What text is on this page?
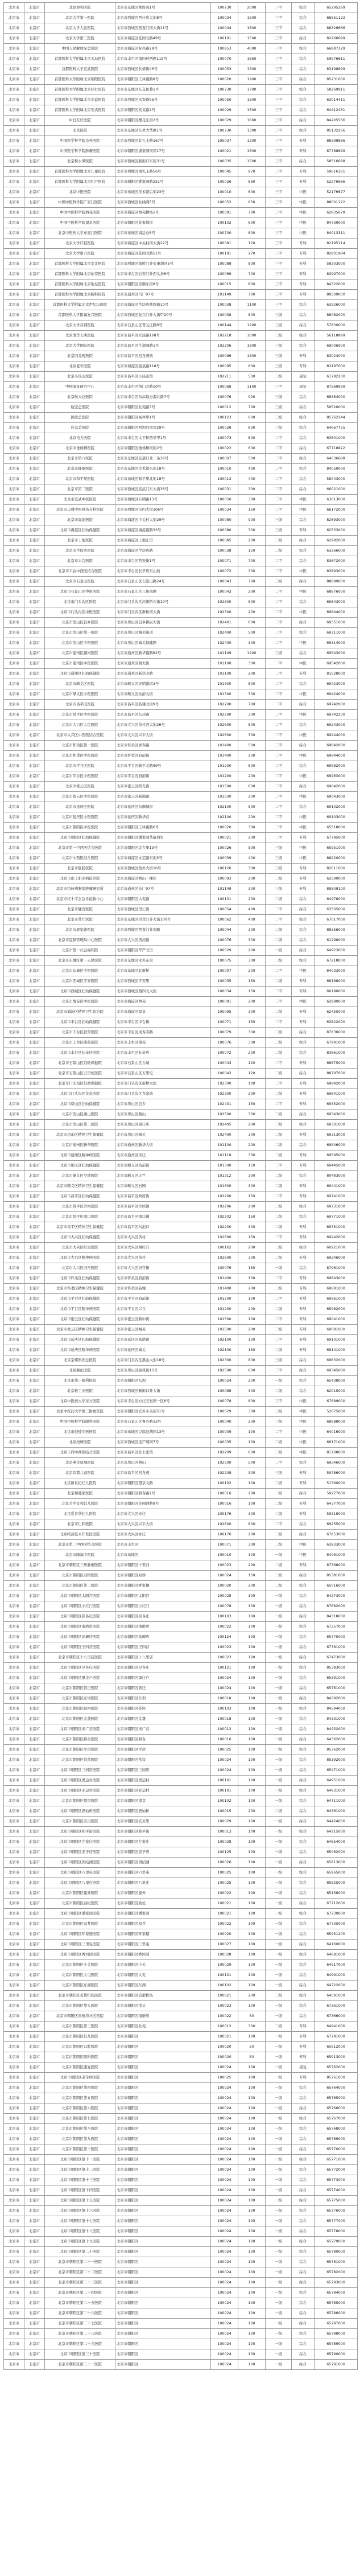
北京市	北京市	北京协和医院	北京市东城区帅府园1号	100730	2000	三甲	综合	65295269
北京市	北京市	北京大学第一医院	北京市西城区西什库大街8号	100034	1500	三甲	综合	66551122
北京市	北京市	北京大学人民医院	北京市西城区西直门南大街11号	100044	1600	三甲	综合	88326666
北京市	北京市	北京大学第三医院	北京市海淀区花园北路49号	100191	1500	三甲	综合	82266699
北京市	北京市	中国人民解放军总医院	北京市海淀区复兴路28号	100853	4000	三甲	综合	66887329
北京市	北京市	首都医科大学附属北京天坛医院	北京市丰台区南四环西路119号	100070	1650	三甲	综合	59976611
北京市	北京市	首都医科大学宣武医院	北京市西城区长椿街45号	100053	1300	三甲	综合	83198899
北京市	北京市	首都医科大学附属北京朝阳医院	北京市朝阳区工体南路8号	100020	1900	三甲	综合	85231000
北京市	北京市	首都医科大学附属北京同仁医院	北京市东城区东交民巷1号	100730	1700	三甲	综合	58269911
北京市	北京市	首都医科大学附属北京友谊医院	北京市西城区永安路95号	100050	1500	三甲	综合	63014411
北京市	北京市	首都医科大学附属北京安贞医院	北京市朝阳区安贞路2号	100029	1500	三甲	综合	64412431
北京市	北京市	中日友好医院	北京市朝阳区樱花东街2号	100029	1600	三甲	综合	84205566
北京市	北京市	北京医院	北京市东城区东单大华路1号	100730	1300	三甲	综合	85132266
北京市	北京市	中国医学科学院阜外医院	北京市西城区北礼士路167号	100037	1200	三甲	专科	88398866
北京市	北京市	中国医学科学院肿瘤医院	北京市朝阳区潘家园南里17号	100021	1500	三甲	专科	87788899
北京市	北京市	北京积水潭医院	北京市西城区新街口东街31号	100035	1500	三甲	综合	58516688
北京市	北京市	首都医科大学附属北京儿童医院	北京市西城区南礼士路56号	100045	970	三甲	专科	59616161
北京市	北京市	首都医科大学附属北京妇产医院	北京市朝阳区姚家园路251号	100026	660	三甲	专科	52276666
北京市	北京市	北京中医医院	北京市东城区美术馆后街23号	100010	600	三甲	中医	52176677
北京市	北京市	中国中医科学院广安门医院	北京市西城区北线阁5号	100053	650	三甲	中医	88001122
北京市	北京市	中国中医科学院西苑医院	北京市海淀区西苑操场1号	100091	700	三甲	中医	62835678
北京市	北京市	中国中医科学院望京医院	北京市朝阳区花家地街	100102	600	三甲	中医	84739000
北京市	北京市	北京中医药大学东直门医院	北京市东城区海运仓5号	100700	800	三甲	中医	84013311
北京市	北京市	北京大学口腔医院	北京市海淀区中关村南大街22号	100081	120	三甲	专科	82195114
北京市	北京市	北京大学第六医院	北京市海淀区花园北路51号	100191	270	三甲	专科	82801984
北京市	北京市	首都医科大学附属北京安定医院	北京市西城区德胜门外安康胡同5号	100088	800	三甲	专科	58303000
北京市	北京市	首都医科大学附属北京佑安医院	北京市丰台区右安门外西头条8号	100069	700	三甲	专科	83997000
北京市	北京市	首都医科大学附属北京地坛医院	北京市朝阳区京顺东街8号	100015	800	三甲	专科	84322000
北京市	北京市	首都医科大学附属北京胸科医院	北京市通州区马厂97号	101149	700	三甲	专科	89509000
北京市	北京市	首都医科大学附属北京世纪坛医院	北京市海淀区羊坊店铁医路10号	100038	1100	三甲	综合	63926000
北京市	北京市	首都医科大学附属复兴医院	北京市西城区复兴门外大街甲20号	100038	800	三级	综合	88062000
北京市	北京市	北京大学首钢医院	北京市石景山区晋元庄路9号	100144	1200	三级	综合	57830000
北京市	北京市	北京清华长庚医院	北京市昌平区立汤路168号	102218	1000	三级	综合	56118899
北京市	北京市	北京大学国际医院	北京市昌平区生命园路1号	102206	1800	三级	综合	69006900
北京市	北京市	北京回龙观医院	北京市昌平区回龙观镇	100096	1300	三级	专科	83024000
北京市	北京市	北京老年医院	北京市海淀区温泉路118号	100095	600	三级	专科	83197000
北京市	北京市	北京小汤山医院	北京市昌平区小汤山镇	102211	500	三级	康复	61782200
北京市	北京市	中国康复研究中心	北京市丰台区角门北路10号	100068	1100	三甲	康复	87569999
北京市	北京市	北京航天总医院	北京市丰台区东高地万源北路7号	100076	900	三级	综合	68384000
北京市	北京市	航空总医院	北京市朝阳区北苑路3号	100012	700	三级	综合	59520000
北京市	北京市	民航总医院	北京市朝阳区高井甲1号	100123	600	三级	综合	85762244
北京市	北京市	应急总医院	北京市朝阳区西坝河南里29号	100028	800	三级	综合	64667755
北京市	北京市	北京电力医院	北京市丰台区太平桥西里甲1号	100073	600	二甲	综合	63501000
北京市	北京市	北京市垂杨柳医院	北京市朝阳区垂杨柳南街2号	100022	600	二甲	综合	67718822
北京市	北京市	北京市第六医院	北京市东城区交道口北二条36号	100007	500	二甲	综合	64036688
北京市	北京市	北京市隆福医院	北京市东城区美术馆东街18号	100010	400	二甲	综合	84059000
北京市	北京市	北京市和平里医院	北京市东城区和平里北街18号	100013	400	二甲	综合	58043000
北京市	北京市	北京市第二医院	北京市西城区宣武门东大街36号	100031	300	二甲	综合	66021000
北京市	北京市	北京市宣武中医医院	北京市西城区万明路13号	100050	300	二甲	中医	63013000
北京市	北京市	北京市丰盛中医骨伤专科医院	北京市西城区阜内大街306号	100034	150	二甲	中医	66172000
北京市	北京市	北京市海淀医院	北京市海淀区中关村大街29号	100080	900	三级	综合	82693000
北京市	北京市	北京市海淀区妇幼保健院	北京市海淀区海淀南路33号	100080	300	三级	专科	62533000
北京市	北京市	北京市上地医院	北京市海淀区上地东里	100085	200	二级	综合	62982000
北京市	北京市	北京市羊坊店医院	北京市海淀区羊坊店路	100038	150	二级	综合	63266000
北京市	北京市	北京市丰台医院	北京市丰台区西安街1号	100071	700	二甲	综合	83672000
北京市	北京市	北京市丰台中西医结合医院	北京市丰台区长辛店东山坡	100072	300	二甲	中医	83893000
北京市	北京市	北京市石景山医院	北京市石景山区石景山路24号	100043	700	三级	综合	88689000
北京市	北京市	北京市石景山区中医医院	北京市石景山区八角南路	100043	200	二甲	中医	68876000
北京市	北京市	北京市门头沟区医院	北京市门头沟区河滩桥东街10号	102300	500	二甲	综合	69843000
北京市	北京市	北京市门头沟区中医医院	北京市门头沟区新桥南大街	102300	200	二甲	中医	69844000
北京市	北京市	北京市房山区良乡医院	北京市房山区良乡拱辰大街	102401	600	二甲	综合	69351000
北京市	北京市	北京市房山区第一医院	北京市房山区城关街道	102400	500	二甲	综合	69311000
北京市	北京市	北京市房山区中医医院	北京市房山区城关保健路	102400	300	二甲	中医	69314000
北京市	北京市	北京市通州区潞河医院	北京市通州区新华南路82号	101149	1200	三级	综合	69543000
北京市	北京市	北京市通州区中医医院	北京市通州区西大街	101100	300	二甲	中医	69542000
北京市	北京市	北京市通州区妇幼保健院	北京市通州区新华北路	101100	200	二甲	专科	81528000
北京市	北京市	北京市顺义区医院	北京市顺义区光明南街3号	101300	800	二甲	综合	69423000
北京市	北京市	北京市顺义区中医医院	北京市顺义区站前北街	101300	300	二甲	中医	69424000
北京市	北京市	北京市昌平区医院	北京市昌平区鼓楼北街9号	102200	700	二甲	综合	69742000
北京市	北京市	北京市昌平区中医医院	北京市昌平区东环路	102200	300	二甲	中医	69742200
北京市	北京市	北京市大兴区人民医院	北京市大兴区黄村西大街26号	102600	800	二甲	综合	69243000
北京市	北京市	北京市大兴区中西医结合医院	北京市大兴区兴丰大街	102600	300	二甲	中医	69244000
北京市	北京市	北京市怀柔区第一医院	北京市怀柔区青春路	101400	500	二甲	综合	69642000
北京市	北京市	北京市怀柔区中医医院	北京市怀柔区府前街	101400	200	二甲	中医	69644000
北京市	北京市	北京市平谷区医院	北京市平谷区新平北路59号	101200	600	二甲	综合	69962000
北京市	北京市	北京市平谷区中医医院	北京市平谷区府前街	101200	200	二甲	中医	69963000
北京市	北京市	北京市密云区医院	北京市密云区阳光街	101500	600	二甲	综合	69042000
北京市	北京市	北京市密云区中医医院	北京市密云区新南路	101500	200	二甲	中医	69043000
北京市	北京市	北京市延庆区医院	北京市延庆区东顺城街	102100	500	二甲	综合	69102000
北京市	北京市	北京市延庆区中医医院	北京市延庆区新华营	102100	200	二甲	中医	69103000
北京市	北京市	北京市朝阳区中医医院	北京市朝阳区工体南路6号	100020	300	二甲	中医	65518000
北京市	北京市	北京市朝阳区妇幼保健院	北京市朝阳区潘家园华威西里	100021	200	二甲	专科	67785000
北京市	北京市	北京市第一中西医结合医院	北京市朝阳区金台里13号	100026	500	三级	中医	65951000
北京市	北京市	北京市中西医结合医院	北京市海淀区永定路东街3号	100039	400	三级	中医	88220000
北京市	北京市	北京市肛肠医院	北京市西城区德外大街16号	100120	300	三级	专科	82011000
北京市	北京市	北京市化工职业病防治院	北京市海淀区香山一棵松	100093	200	二级	专科	62590000
北京市	北京市	北京市结核病胸部肿瘤研究所	北京市通州区马厂97号	101149	300	三级	专科	89509100
北京市	北京市	北京市红十字会急诊抢救中心	北京市朝阳区大屯路	100101	200	二级	综合	64978000
北京市	北京市	北京市健宫医院	北京市西城区里仁街	100054	400	二甲	综合	63505000
北京市	北京市	北京市普仁医院	北京市东城区崇文门外大街100号	100062	400	二甲	综合	67017000
北京市	北京市	北京市展览路医院	北京市西城区西直门外南路	100044	300	二级	综合	88356000
北京市	北京市	北京市监狱管理局中心医院	北京市大兴区团河路	100076	300	二级	综合	61298000
北京市	北京市	北京市第一社会福利院	北京市朝阳区华严北里	100029	200	一级	综合	64923000
北京市	北京市	北京市东城区第一人民医院	北京市东城区永外东街	100075	300	二级	综合	67218000
北京市	北京市	北京市东城区中医医院	北京市东城区北新桥	100007	200	二甲	中医	84033000
北京市	北京市	北京市西城区平安医院	北京市西城区平安里	100035	150	二级	专科	66188000
北京市	北京市	北京市西城区妇幼保健院	北京市西城区西四北大街	100034	150	二甲	专科	66180000
北京市	北京市	北京市海淀区中医医院	北京市海淀区西苑	100091	200	二甲	中医	62880000
北京市	北京市	北京市海淀区精神卫生防治院	北京市海淀区温泉	100095	300	二级	专科	62455000
北京市	北京市	北京市丰台区妇幼保健院	北京市丰台区丰台镇	100071	150	二甲	专科	63822000
北京市	北京市	北京市丰台区铁营医院	北京市丰台区成寿寺路	100079	300	二级	综合	87636000
北京市	北京市	北京市丰台区南苑医院	北京市丰台区南苑	100076	300	二级	综合	67991000
北京市	北京市	北京市丰台区长辛店医院	北京市丰台区长辛店	100072	200	二级	综合	83861000
北京市	北京市	北京市石景山区妇幼保健院	北京市石景山区古城	100043	120	二甲	专科	68875000
北京市	北京市	北京市石景山区五里坨医院	北京市石景山区五里坨	100042	120	二级	综合	88797000
北京市	北京市	北京市门头沟区妇幼保健院	北京市门头沟区新桥大街	102300	100	二甲	专科	69842000
北京市	北京市	北京市门头沟区龙泉医院	北京市门头沟区龙泉镇	102300	200	二级	专科	69841000
北京市	北京市	北京市房山区妇幼保健院	北京市房山区良乡	102401	150	二甲	专科	69352000
北京市	北京市	北京市房山区燕山医院	北京市房山区燕山	102500	300	二级	综合	69343000
北京市	北京市	北京市房山区第二医院	北京市房山区周口店	102405	200	二级	综合	69301000
北京市	北京市	北京市房山区精神卫生保健院	北京市房山区城关	102400	300	二级	专科	69313000
北京市	北京市	北京市通州区新华医院	北京市通州区新华大街	101100	200	二级	综合	69546000
北京市	北京市	北京市通州区精神病医院	北京市通州区宋庄	101118	300	二级	专科	69595000
北京市	北京市	北京市顺义区妇幼保健院	北京市顺义区站前街	101300	150	二甲	专科	69445000
北京市	北京市	北京市顺义区空港医院	北京市顺义区天竺	101312	300	二级	综合	80483000
北京市	北京市	北京市顺义区精神卫生保健院	北京市顺义区石园	101300	300	二级	专科	69441000
北京市	北京市	北京市昌平区妇幼保健院	北京市昌平区政府街	102200	150	二甲	专科	69741000
北京市	北京市	北京市昌平区沙河医院	北京市昌平区沙河镇	102206	200	二级	综合	69731000
北京市	北京市	北京市昌平区南口医院	北京市昌平区南口镇	102202	150	二级	综合	69771000
北京市	北京市	北京市昌平区精神卫生保健院	北京市昌平区马池口	102200	300	二级	专科	69751000
北京市	北京市	北京市大兴区妇幼保健院	北京市大兴区黄村	102600	150	二甲	专科	69242000
北京市	北京市	北京市大兴区红星医院	北京市大兴区西红门	100162	200	二级	综合	60221000
北京市	北京市	北京市大兴区精神病医院	北京市大兴区黄村	102600	300	二级	专科	69246000
北京市	北京市	北京市大兴区旧宫医院	北京市大兴区旧宫镇	100076	150	一级	综合	87961000
北京市	北京市	北京市怀柔区妇幼保健院	北京市怀柔区府前街	101400	100	二甲	专科	69643000
北京市	北京市	北京市怀柔区精神卫生保健院	北京市怀柔区庙城	101400	200	二级	专科	69681000
北京市	北京市	北京市平谷区妇幼保健院	北京市平谷区府前街	101200	100	二甲	专科	69961000
北京市	北京市	北京市平谷区精神病医院	北京市平谷区兴谷	101200	200	二级	专科	69982000
北京市	北京市	北京市密云区妇幼保健院	北京市密云区新中街	101500	100	二甲	专科	69041000
北京市	北京市	北京市密云区精神卫生保健院	北京市密云区城关	101500	200	二级	专科	69081000
北京市	北京市	北京市延庆区妇幼保健院	北京市延庆区高塔街	102100	100	二甲	专科	69101000
北京市	北京市	北京市延庆区精神病医院	北京市延庆区城关	102100	150	二级	专科	69141000
北京市	北京市	北京京煤集团总医院	北京市门头沟区黑山大街18号	102300	800	三级	综合	69832000
北京市	北京市	北京燕化医院	北京市房山区迎风街15号	102500	600	二甲	综合	69345000
北京市	北京市	北京市第一福利医院	北京市朝阳区东坝	100024	200	一级	综合	65438000
北京市	北京市	北京核工业医院	北京市西城区新街口外大街	100088	300	二级	综合	62015000
北京市	北京市	北京中医药大学东方医院	北京市丰台区方庄芳星园一区6号	100078	800	三甲	中医	67689000
北京市	北京市	北京中医药大学第三附属医院	北京市朝阳区安外小关街51号	100029	300	三级	中医	52075000
北京市	北京市	中国中医科学院眼科医院	北京市石景山区鲁谷路33号	100040	200	三级	中医	68688000
北京市	北京市	北京市鼓楼中医医院	北京市东城区豆腐池胡同13号	100009	100	二甲	中医	64016000
北京市	北京市	北京按摩医院	北京市西城区宝产胡同7号	100035	100	二级	中医	66171000
北京市	北京市	北京王府中西医结合医院	北京市昌平区北七家镇	102209	600	二级	中医	81708000
北京市	北京市	北京燕化凤凰医院	北京市房山区燕山	102500	500	二甲	综合	69346000
北京市	北京市	北京京都儿童医院	北京市昌平区回龙观	102208	300	三级	专科	59786000
北京市	北京市	北京新世纪妇儿医院	北京市朝阳区望京北路	100102	100	二级	专科	51390000
北京市	北京市	北京和睦家医院	北京市朝阳区将台路2号	100016	200	二级	综合	59277000
北京市	北京市	北京美中宜和妇儿医院	北京市朝阳区芳园西路9号	100016	100	二级	专科	64377000
北京市	北京市	北京爱育华妇儿医院	北京市大兴区亦庄	100176	300	二级	专科	59318000
北京市	北京市	北京市仁和医院	北京市大兴区兴丰大街	102600	600	二甲	综合	69255000
北京市	北京市	北京经济技术开发区医院	北京市大兴区亦庄	100176	200	二级	综合	67853000
北京市	北京市	北京市第二中西医结合医院	北京市丰台区	100071	300	二级	中医	63833000
北京市	北京市	北京市隆福中医院	北京市东城区	100010	100	一级	中医	84061000
北京市	北京市	北京市朝阳区三环肿瘤医院	北京市朝阳区十里河	100023	200	二级	专科	87368000
北京市	北京市	北京市朝阳区双桥医院	北京市朝阳区双桥	100024	150	二级	综合	85381000
北京市	北京市	北京市朝阳区第二医院	北京市朝阳区呼家楼	100020	200	二级	综合	65016000
北京市	北京市	北京市朝阳区太阳宫医院	北京市朝阳区太阳宫	100028	100	一级	综合	84273000
北京市	北京市	北京市朝阳区小红门医院	北京市朝阳区小红门	100078	100	一级	综合	87682000
北京市	北京市	北京市朝阳区崔各庄医院	北京市朝阳区崔各庄	100103	100	一级	综合	84318000
北京市	北京市	北京市朝阳区南磨房医院	北京市朝阳区南磨房	100022	100	一级	综合	67357000
北京市	北京市	北京市朝阳区高碑店医院	北京市朝阳区高碑店	100124	100	一级	综合	85775000
北京市	北京市	北京市朝阳区王四营医院	北京市朝阳区王四营	100023	100	一级	综合	67381000
北京市	北京市	北京市朝阳区十八里店医院	北京市朝阳区十八里店	100023	100	一级	综合	67473000
北京市	北京市	北京市朝阳区豆各庄医院	北京市朝阳区豆各庄	100121	100	一级	综合	85383000
北京市	北京市	北京市朝阳区黑庄户医院	北京市朝阳区黑庄户	100024	100	一级	综合	85391000
北京市	北京市	北京市朝阳区管庄医院	北京市朝阳区管庄	100024	100	一级	综合	65761000
北京市	北京市	北京市朝阳区东坝医院	北京市朝阳区东坝	100018	100	一级	综合	84392000
北京市	北京市	北京市朝阳区孙河医院	北京市朝阳区孙河	100103	100	一级	综合	84594000
北京市	北京市	北京市朝阳区金盏医院	北京市朝阳区金盏	100018	100	一级	综合	84331000
北京市	北京市	北京市朝阳区来广营医院	北京市朝阳区来广营	100012	100	一级	综合	84952000
北京市	北京市	北京市朝阳区将台医院	北京市朝阳区将台	100016	100	一级	综合	64362000
北京市	北京市	北京市朝阳区平房医院	北京市朝阳区平房	100025	100	一级	综合	85762000
北京市	北京市	北京市朝阳区常营医院	北京市朝阳区常营	100024	100	一级	综合	85392000
北京市	北京市	北京市朝阳区三间房医院	北京市朝阳区三间房	100024	100	一级	综合	65471000
北京市	北京市	北京市朝阳区奥运村医院	北京市朝阳区奥运村	100101	100	一级	综合	64951000
北京市	北京市	北京市朝阳区亚运村医院	北京市朝阳区亚运村	100101	100	一级	综合	64931000
北京市	北京市	北京市朝阳区望京医院	北京市朝阳区望京	100102	100	一级	综合	64711000
北京市	北京市	北京市朝阳区酒仙桥医院	北京市朝阳区酒仙桥	100015	200	二级	综合	64361000
北京市	北京市	北京市朝阳区安贞医院	北京市朝阳区安贞里	100029	100	一级	综合	64424000
北京市	北京市	北京市朝阳区和平街医院	北京市朝阳区和平街	100013	100	一级	综合	64215000
北京市	北京市	北京市朝阳区左家庄医院	北京市朝阳区左家庄	100028	100	一级	综合	64654000
北京市	北京市	北京市朝阳区麦子店医院	北京市朝阳区麦子店	100125	100	一级	综合	65062000
北京市	北京市	北京市朝阳区团结湖医院	北京市朝阳区团结湖	100026	100	一级	综合	65813000
北京市	北京市	北京市朝阳区六里屯医院	北京市朝阳区六里屯	100025	100	一级	综合	65965000
北京市	北京市	北京市朝阳区八里庄医院	北京市朝阳区八里庄	100025	100	一级	综合	85825000
北京市	北京市	北京市朝阳区建外医院	北京市朝阳区建外	100022	100	一级	综合	65158000
北京市	北京市	北京市朝阳区劲松医院	北京市朝阳区劲松	100021	100	一级	综合	67712000
北京市	北京市	北京市朝阳区潘家园医院	北京市朝阳区潘家园	100021	100	一级	综合	67730000
北京市	北京市	北京市朝阳区双井医院	北京市朝阳区双井	100022	100	一级	综合	67735000
北京市	北京市	北京市朝阳区呼家楼医院	北京市朝阳区呼家楼	100020	100	一级	综合	65951200
北京市	北京市	北京市朝阳区三里屯医院	北京市朝阳区三里屯	100027	100	一级	综合	64160000
北京市	北京市	北京市朝阳区香河园医院	北京市朝阳区香河园	100028	100	一级	综合	64681000
北京市	北京市	北京市朝阳区小关医院	北京市朝阳区小关	100029	100	一级	综合	64917000
北京市	北京市	北京市朝阳区大屯医院	北京市朝阳区大屯	100101	100	一级	综合	64991000
北京市	北京市	北京市朝阳区东湖医院	北京市朝阳区东湖	100102	100	一级	综合	64722000
北京市	北京市	北京市朝阳区首都机场医院	北京市朝阳区首都机场	100621	200	二级	综合	64591000
北京市	北京市	北京市朝阳区垡头医院	北京市朝阳区垡头	100023	100	一级	综合	67361000
北京市	北京市	北京市朝阳区南磨房社区医院	北京市朝阳区南磨房	100022	50	一级	综合	67366000
北京市	北京市	北京市朝阳区第三医院	北京市朝阳区北苑	100012	300	二级	专科	64941000
北京市	北京市	北京市朝阳区妇儿医院	北京市朝阳区	100021	100	一级	专科	67781000
北京市	北京市	北京市朝阳区口腔医院	北京市朝阳区	100020	50	一级	专科	65912000
北京市	北京市	北京市朝阳区眼科医院	北京市朝阳区	100020	50	一级	专科	65913000
北京市	北京市	北京市朝阳区康复医院	北京市朝阳区	100024	100	一级	康复	65762000
北京市	北京市	北京市朝阳区老年病医院	北京市朝阳区	100025	100	一级	专科	85761000
北京市	北京市	北京市朝阳区第四医院	北京市朝阳区	100024	100	一级	综合	65764000
北京市	北京市	北京市朝阳区第五医院	北京市朝阳区	100024	100	一级	综合	65765000
北京市	北京市	北京市朝阳区第六医院	北京市朝阳区	100024	100	一级	综合	65766000
北京市	北京市	北京市朝阳区第七医院	北京市朝阳区	100024	100	一级	综合	65767000
北京市	北京市	北京市朝阳区第八医院	北京市朝阳区	100024	100	一级	综合	65768000
北京市	北京市	北京市朝阳区第九医院	北京市朝阳区	100024	100	一级	综合	65769000
北京市	北京市	北京市朝阳区第十医院	北京市朝阳区	100024	100	一级	综合	65770000
北京市	北京市	北京市朝阳区第十一医院	北京市朝阳区	100024	100	一级	综合	65771000
北京市	北京市	北京市朝阳区第十二医院	北京市朝阳区	100024	100	一级	综合	65772000
北京市	北京市	北京市朝阳区第十三医院	北京市朝阳区	100024	100	一级	综合	65773000
北京市	北京市	北京市朝阳区第十四医院	北京市朝阳区	100024	100	一级	综合	65774000
北京市	北京市	北京市朝阳区第十五医院	北京市朝阳区	100024	100	一级	综合	65775000
北京市	北京市	北京市朝阳区第十六医院	北京市朝阳区	100024	100	一级	综合	65776000
北京市	北京市	北京市朝阳区第十七医院	北京市朝阳区	100024	100	一级	综合	65777000
北京市	北京市	北京市朝阳区第十八医院	北京市朝阳区	100024	100	一级	综合	65778000
北京市	北京市	北京市朝阳区第十九医院	北京市朝阳区	100024	100	一级	综合	65779000
北京市	北京市	北京市朝阳区第二十医院	北京市朝阳区	100024	100	一级	综合	65780000
北京市	北京市	北京市朝阳区第二十一医院	北京市朝阳区	100024	100	一级	综合	65781000
北京市	北京市	北京市朝阳区第二十二医院	北京市朝阳区	100024	100	一级	综合	65782000
北京市	北京市	北京市朝阳区第二十三医院	北京市朝阳区	100024	100	一级	综合	65783000
北京市	北京市	北京市朝阳区第二十四医院	北京市朝阳区	100024	100	一级	综合	65784000
北京市	北京市	北京市朝阳区第二十五医院	北京市朝阳区	100024	100	一级	综合	65785000
北京市	北京市	北京市朝阳区第二十六医院	北京市朝阳区	100024	100	一级	综合	65786000
北京市	北京市	北京市朝阳区第二十七医院	北京市朝阳区	100024	100	一级	综合	65787000
北京市	北京市	北京市朝阳区第二十八医院	北京市朝阳区	100024	100	一级	综合	65788000
北京市	北京市	北京市朝阳区第二十九医院	北京市朝阳区	100024	100	一级	综合	65789000
北京市	北京市	北京市朝阳区第三十医院	北京市朝阳区	100024	100	一级	综合	65790000
北京市	北京市	北京市朝阳区第三十一医院	北京市朝阳区	100024	100	一级	综合	65791000
